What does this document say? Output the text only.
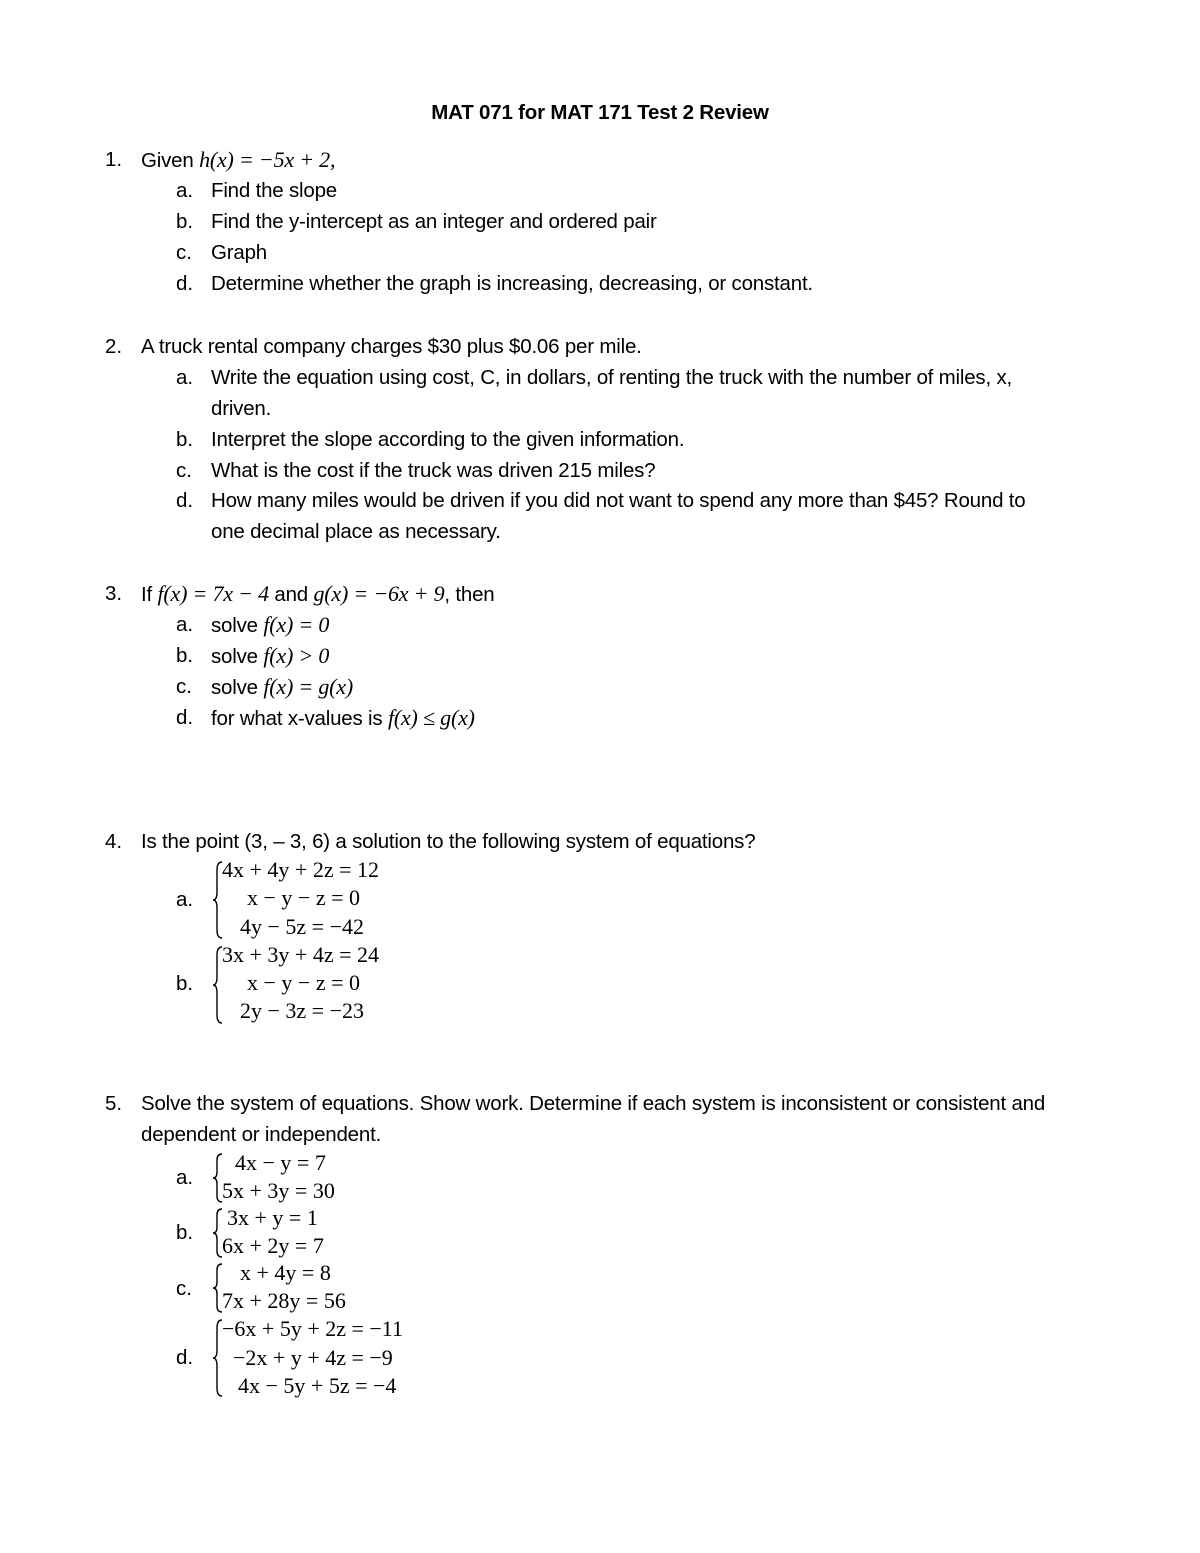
MAT 071 for MAT 171 Test 2 Review
1. Given h(x) = −5x + 2,
a. Find the slope
b. Find the y-intercept as an integer and ordered pair
c. Graph
d. Determine whether the graph is increasing, decreasing, or constant.
2. A truck rental company charges $30 plus $0.06 per mile.
a. Write the equation using cost, C, in dollars, of renting the truck with the number of miles, x,
driven.
b. Interpret the slope according to the given information.
c. What is the cost if the truck was driven 215 miles?
d. How many miles would be driven if you did not want to spend any more than $45? Round to
one decimal place as necessary.
3. If f(x) = 7x − 4 and g(x) = −6x + 9, then
a. solve f(x) = 0
b. solve f(x) > 0
c. solve f(x) = g(x)
d. for what x-values is f(x) ≤ g(x)
4. Is the point (3, – 3, 6) a solution to the following system of equations?
a.
4x + 4y + 2z = 12
x − y − z = 0
4y − 5z = −42
b.
3x + 3y + 4z = 24
x − y − z = 0
2y − 3z = −23
5. Solve the system of equations. Show work. Determine if each system is inconsistent or consistent and
dependent or independent.
a.
4x − y = 7
5x + 3y = 30
b.
3x + y = 1
6x + 2y = 7
c.
x + 4y = 8
7x + 28y = 56
d.
−6x + 5y + 2z = −11
−2x + y + 4z = −9
4x − 5y + 5z = −4
